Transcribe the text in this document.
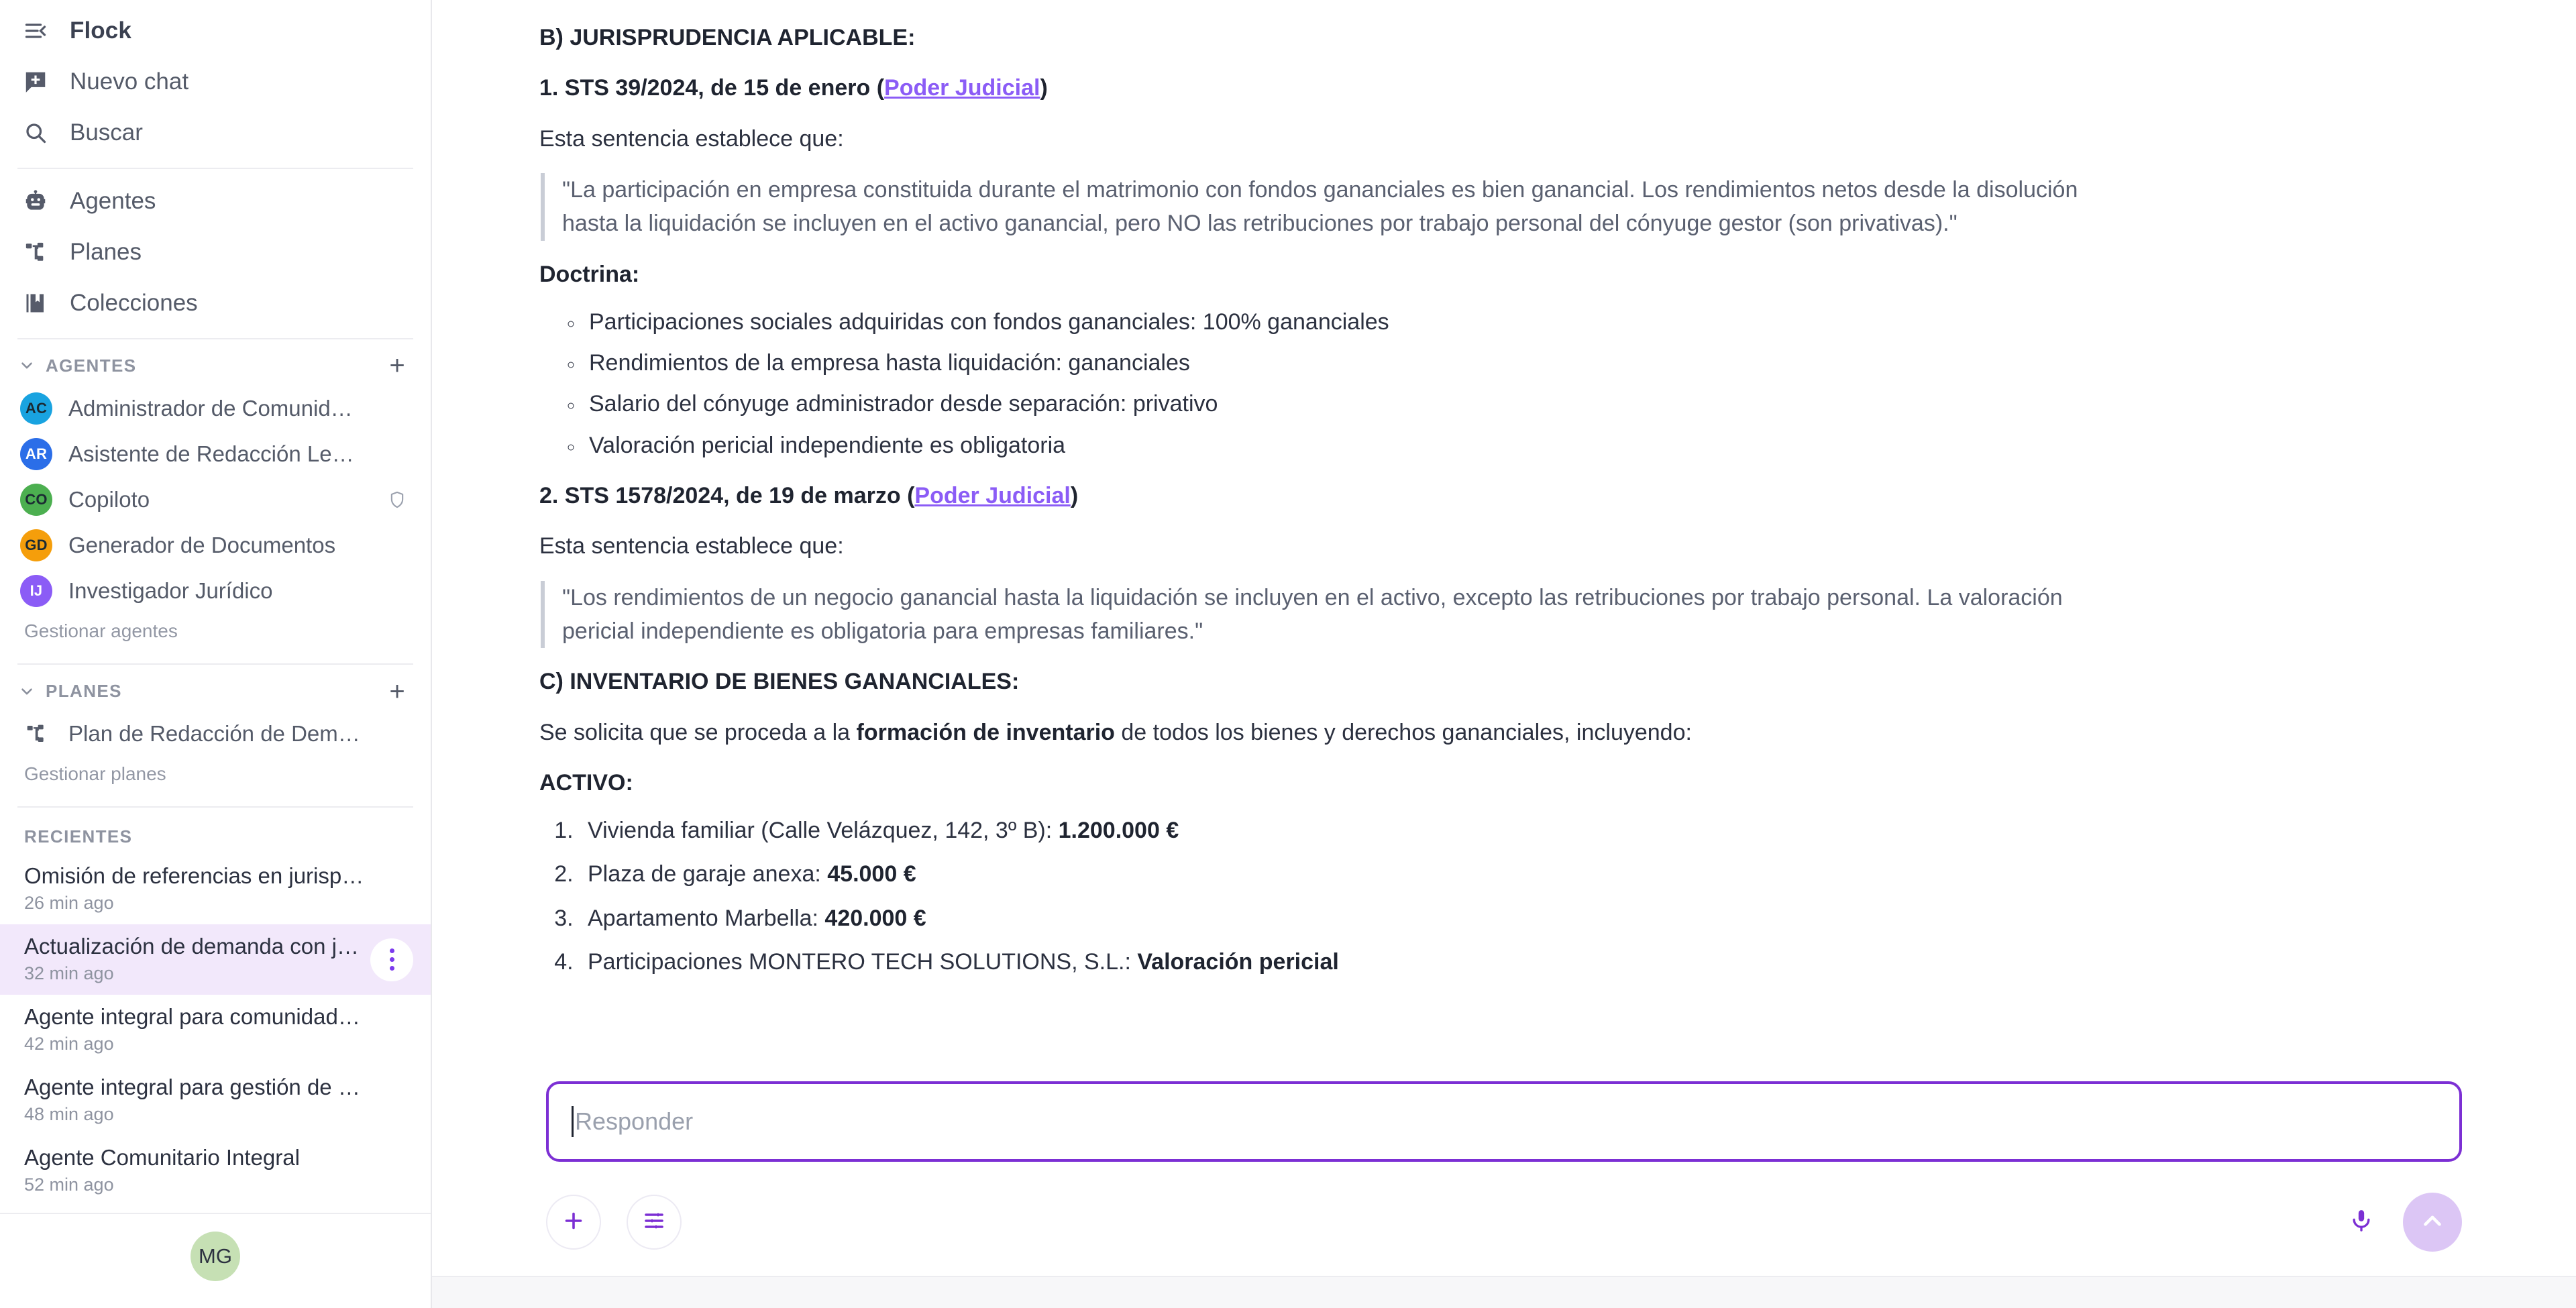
Flock
Nuevo chat
Buscar
Agentes
Planes
Colecciones
AGENTES	+
AC Administrador de Comunid…
AR Asistente de Redacción Le…
CO Copiloto
GD Generador de Documentos
IJ	Investigador Jurídico
Gestionar agentes
PLANES	+
Plan de Redacción de Dem…
Gestionar planes
RECIENTES
Omisión de referencias en jurisp…
26 min ago
Actualización de demanda con j…
32 min ago
Agente integral para comunidad…
42 min ago
Agente integral para gestión de …
48 min ago
Agente Comunitario Integral
52 min ago
MG

B) JURISPRUDENCIA APLICABLE:

1. STS 39/2024, de 15 de enero (Poder Judicial)

Esta sentencia establece que:

"La participación en empresa constituida durante el matrimonio con fondos gananciales es bien ganancial. Los rendimientos netos desde la disolución hasta la liquidación se incluyen en el activo ganancial, pero NO las retribuciones por trabajo personal del cónyuge gestor (son privativas)."

Doctrina:

◦ Participaciones sociales adquiridas con fondos gananciales: 100% gananciales
◦ Rendimientos de la empresa hasta liquidación: gananciales
◦ Salario del cónyuge administrador desde separación: privativo
◦ Valoración pericial independiente es obligatoria

2. STS 1578/2024, de 19 de marzo (Poder Judicial)

Esta sentencia establece que:

"Los rendimientos de un negocio ganancial hasta la liquidación se incluyen en el activo, excepto las retribuciones por trabajo personal. La valoración pericial independiente es obligatoria para empresas familiares."

C) INVENTARIO DE BIENES GANANCIALES:

Se solicita que se proceda a la formación de inventario de todos los bienes y derechos gananciales, incluyendo:

ACTIVO:

1. Vivienda familiar (Calle Velázquez, 142, 3º B): 1.200.000 €
2. Plaza de garaje anexa: 45.000 €
3. Apartamento Marbella: 420.000 €
4. Participaciones MONTERO TECH SOLUTIONS, S.L.: Valoración pericial
Responder
